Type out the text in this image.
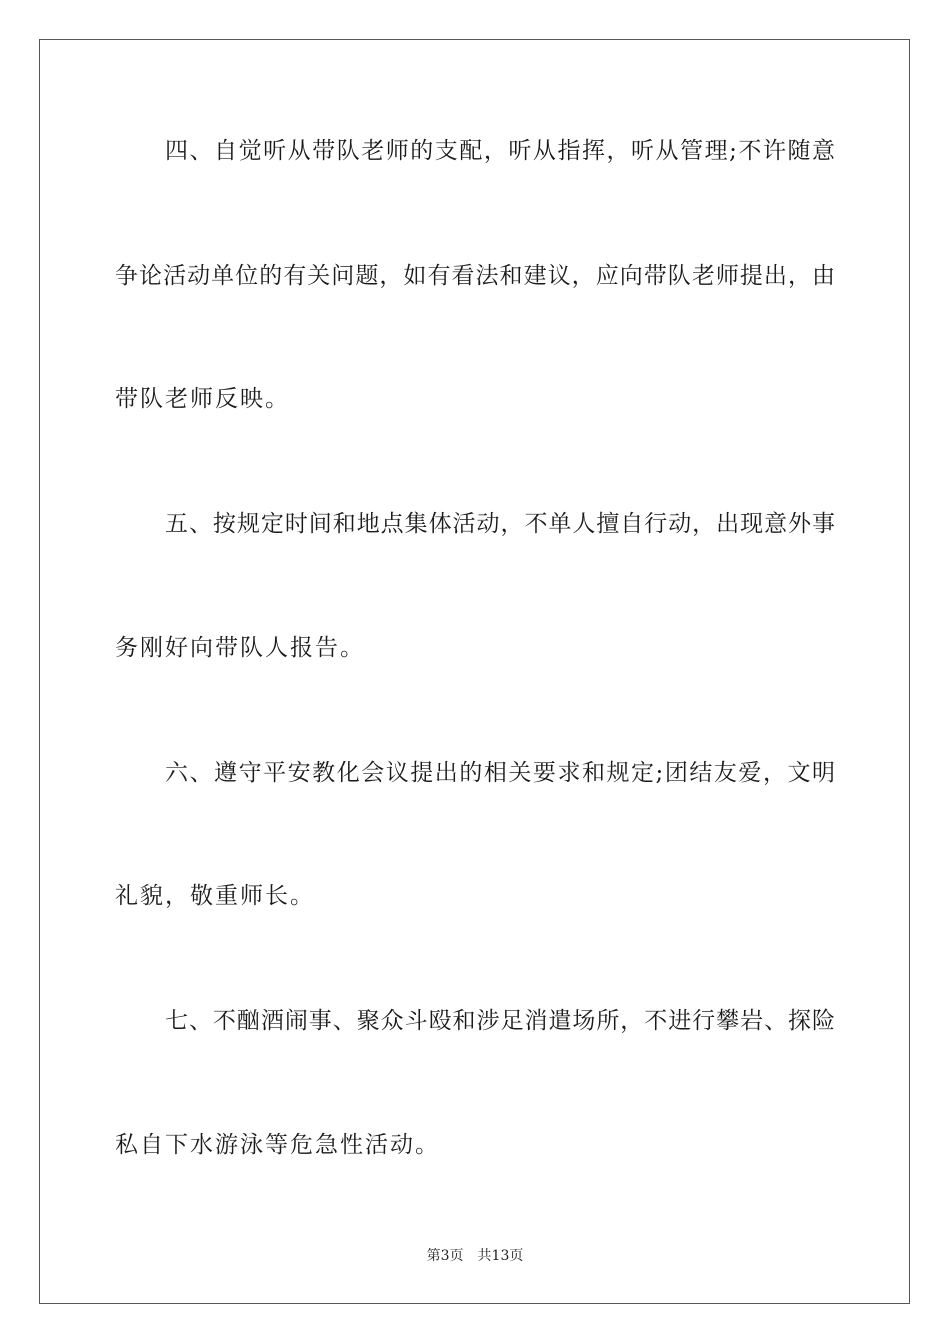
四、自觉听从带队老师的支配，听从指挥，听从管理;不许随意
争论活动单位的有关问题，如有看法和建议，应向带队老师提出，由
带队老师反映。
五、按规定时间和地点集体活动，不单人擅自行动，出现意外事
务刚好向带队人报告。
六、遵守平安教化会议提出的相关要求和规定;团结友爱，文明
礼貌，敬重师长。
七、不酗酒闹事、聚众斗殴和涉足消遣场所，不进行攀岩、探险
私自下水游泳等危急性活动。
第3页 共13页
